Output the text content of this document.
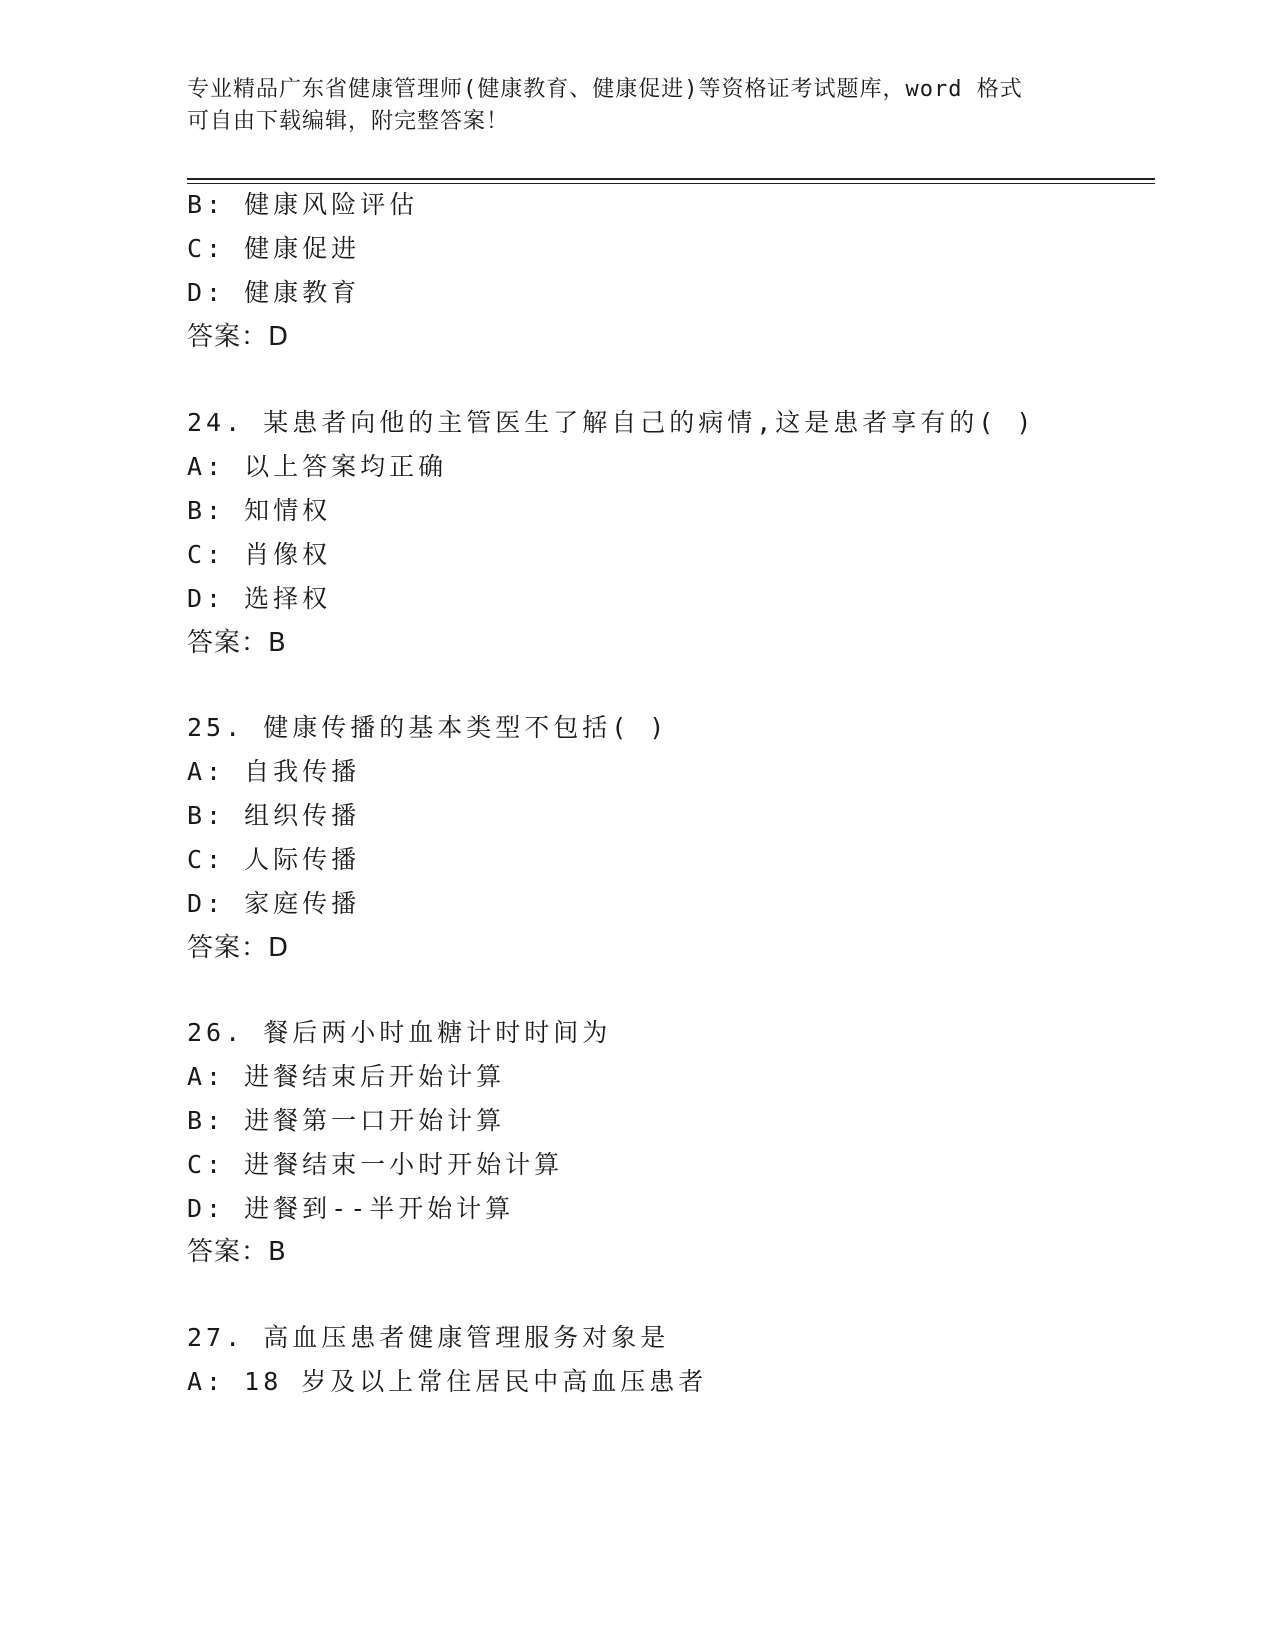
专业精品广东省健康管理师(健康教育、健康促进)等资格证考试题库，word 格式
可自由下载编辑，附完整答案！
B: 健康风险评估
C: 健康促进
D: 健康教育
答案：D
24. 某患者向他的主管医生了解自己的病情,这是患者享有的( )
A: 以上答案均正确
B: 知情权
C: 肖像权
D: 选择权
答案：B
25. 健康传播的基本类型不包括( )
A: 自我传播
B: 组织传播
C: 人际传播
D: 家庭传播
答案：D
26. 餐后两小时血糖计时时间为
A: 进餐结束后开始计算
B: 进餐第一口开始计算
C: 进餐结束一小时开始计算
D: 进餐到--半开始计算
答案：B
27. 高血压患者健康管理服务对象是
A: 18 岁及以上常住居民中高血压患者
